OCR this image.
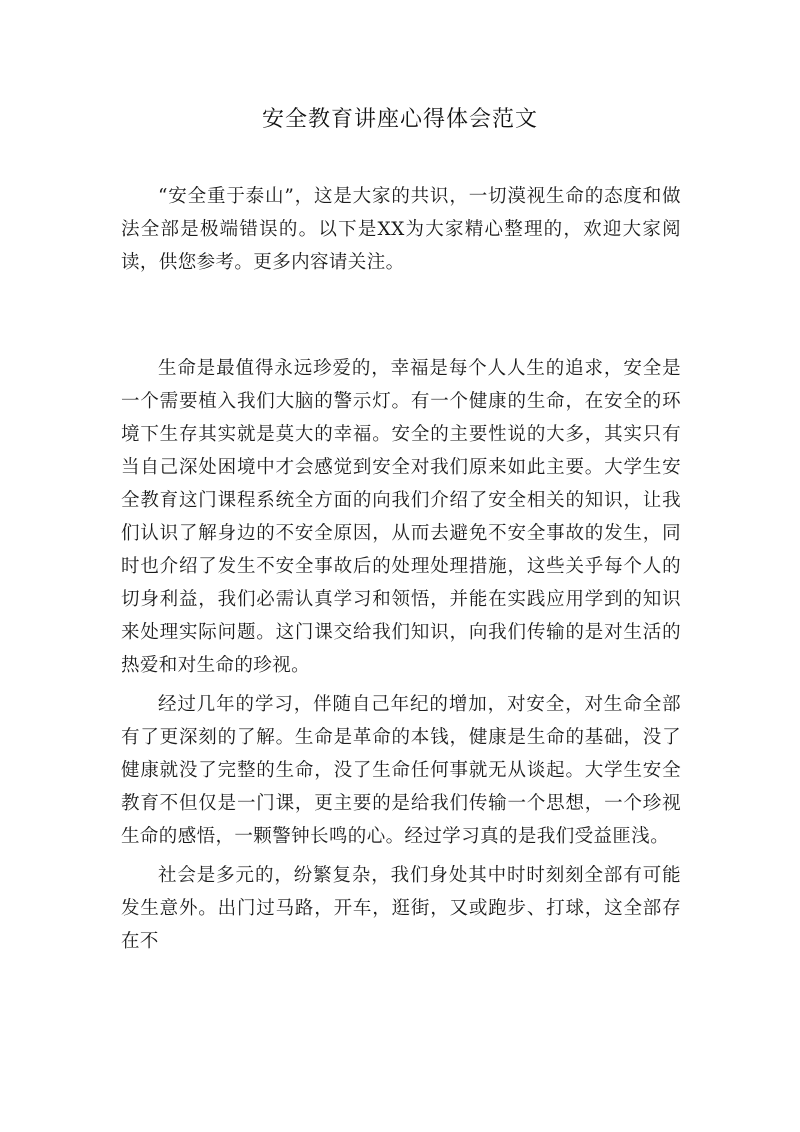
安全教育讲座心得体会范文

“安全重于泰山”，这是大家的共识，一切漠视生命的态度和做法全部是极端错误的。以下是XX为大家精心整理的，欢迎大家阅读，供您参考。更多内容请关注。

生命是最值得永远珍爱的，幸福是每个人人生的追求，安全是一个需要植入我们大脑的警示灯。有一个健康的生命，在安全的环境下生存其实就是莫大的幸福。安全的主要性说的大多，其实只有当自己深处困境中才会感觉到安全对我们原来如此主要。大学生安全教育这门课程系统全方面的向我们介绍了安全相关的知识，让我们认识了解身边的不安全原因，从而去避免不安全事故的发生，同时也介绍了发生不安全事故后的处理处理措施，这些关乎每个人的切身利益，我们必需认真学习和领悟，并能在实践应用学到的知识来处理实际问题。这门课交给我们知识，向我们传输的是对生活的热爱和对生命的珍视。

经过几年的学习，伴随自己年纪的增加，对安全，对生命全部有了更深刻的了解。生命是革命的本钱，健康是生命的基础，没了健康就没了完整的生命，没了生命任何事就无从谈起。大学生安全教育不但仅是一门课，更主要的是给我们传输一个思想，一个珍视生命的感悟，一颗警钟长鸣的心。经过学习真的是我们受益匪浅。

社会是多元的，纷繁复杂，我们身处其中时时刻刻全部有可能发生意外。出门过马路，开车，逛街，又或跑步、打球，这全部存在不
